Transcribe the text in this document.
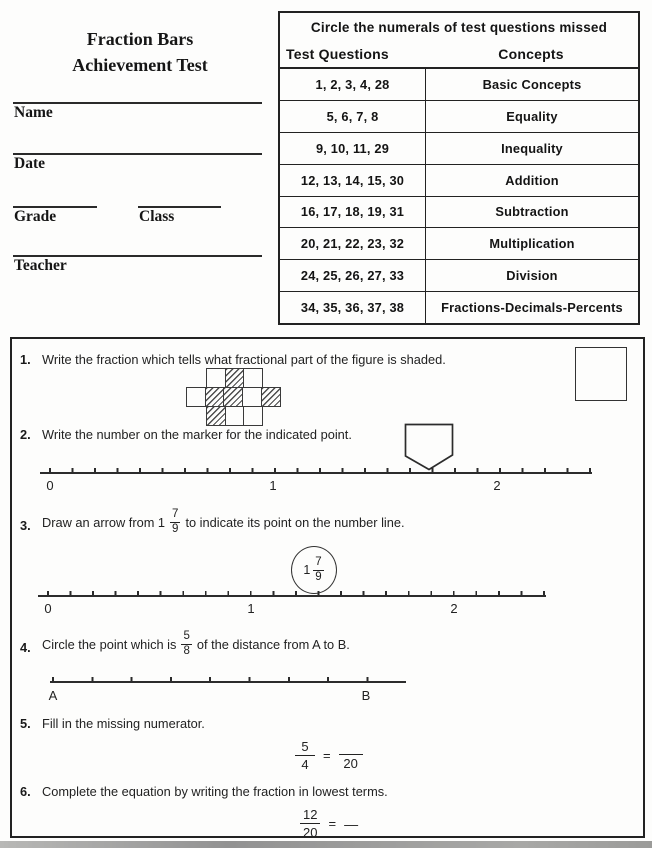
Fraction Bars
Achievement Test
Name
Date
Grade	Class
Teacher
Circle the numerals of test questions missed
Test Questions	Concepts
1, 2, 3, 4, 28	Basic Concepts
5, 6, 7, 8	Equality
9, 10, 11, 29	Inequality
12, 13, 14, 15, 30	Addition
16, 17, 18, 19, 31	Subtraction
20, 21, 22, 23, 32	Multiplication
24, 25, 26, 27, 33	Division
34, 35, 36, 37, 38	Fractions-Decimals-Percents
1. Write the fraction which tells what fractional part of the figure is shaded.
2. Write the number on the marker for the indicated point.
0	1	2
3. Draw an arrow from $1 \frac{7}{9}$ to indicate its point on the number line.
$1 \frac{7}{9}$
0	1	2
4. Circle the point which is $\frac{5}{8}$ of the distance from A to B.
A	B
5. Fill in the missing numerator.
$\frac{5}{4}$ =
20
6. Complete the equation by writing the fraction in lowest terms.
$\frac{12}{20}$ = —
